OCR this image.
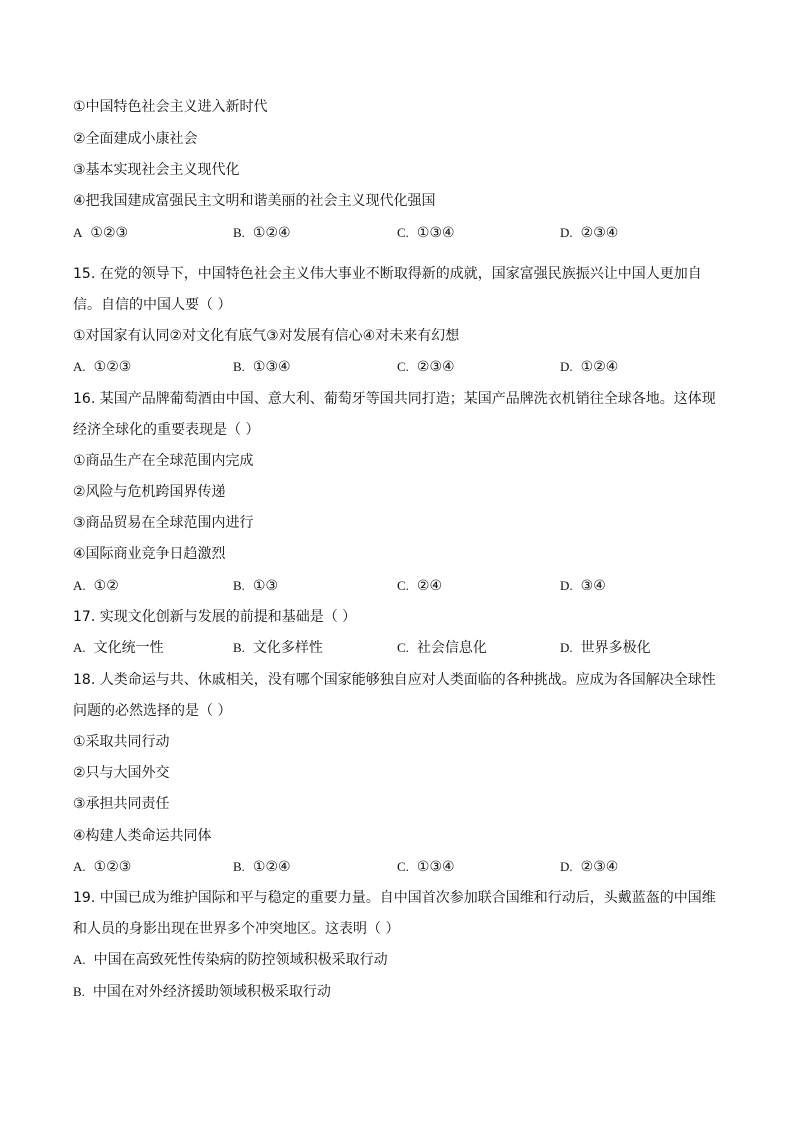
①中国特色社会主义进入新时代
②全面建成小康社会
③基本实现社会主义现代化
④把我国建成富强民主文明和谐美丽的社会主义现代化强国
A ①②③	B. ①②④	C. ①③④	D. ②③④
15. 在党的领导下，中国特色社会主义伟大事业不断取得新的成就，国家富强民族振兴让中国人更加自
信。自信的中国人要（ ）
①对国家有认同②对文化有底气③对发展有信心④对未来有幻想
A. ①②③	B. ①③④	C. ②③④	D. ①②④
16. 某国产品牌葡萄酒由中国、意大利、葡萄牙等国共同打造；某国产品牌洗衣机销往全球各地。这体现
经济全球化的重要表现是（ ）
①商品生产在全球范围内完成
②风险与危机跨国界传递
③商品贸易在全球范围内进行
④国际商业竞争日趋激烈
A. ①②	B. ①③	C. ②④	D. ③④
17. 实现文化创新与发展的前提和基础是（ ）
A. 文化统一性	B. 文化多样性	C. 社会信息化	D. 世界多极化
18. 人类命运与共、休戚相关，没有哪个国家能够独自应对人类面临的各种挑战。应成为各国解决全球性
问题的必然选择的是（ ）
①采取共同行动
②只与大国外交
③承担共同责任
④构建人类命运共同体
A. ①②③	B. ①②④	C. ①③④	D. ②③④
19. 中国已成为维护国际和平与稳定的重要力量。自中国首次参加联合国维和行动后，头戴蓝盔的中国维
和人员的身影出现在世界多个冲突地区。这表明（ ）
A. 中国在高致死性传染病的防控领域积极采取行动
B. 中国在对外经济援助领域积极采取行动
